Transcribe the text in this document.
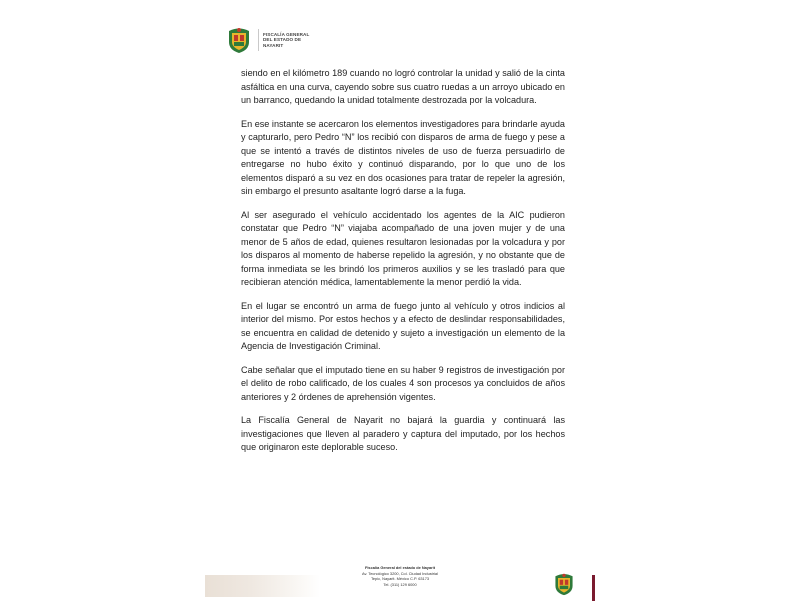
FISCALÍA GENERAL
DEL ESTADO DE
NAYARIT

siendo en el kilómetro 189 cuando no logró controlar la unidad y salió de la cinta asfáltica en una curva, cayendo sobre sus cuatro ruedas a un arroyo ubicado en un barranco, quedando la unidad totalmente destrozada por la volcadura.

En ese instante se acercaron los elementos investigadores para brindarle ayuda y capturarlo, pero Pedro “N” los recibió con disparos de arma de fuego y pese a que se intentó a través de distintos niveles de uso de fuerza persuadirlo de entregarse no hubo éxito y continuó disparando, por lo que uno de los elementos disparó a su vez en dos ocasiones para tratar de repeler la agresión, sin embargo el presunto asaltante logró darse a la fuga.

Al ser asegurado el vehículo accidentado los agentes de la AIC pudieron constatar que Pedro “N” viajaba acompañado de una joven mujer y de una menor de 5 años de edad, quienes resultaron lesionadas por la volcadura y por los disparos al momento de haberse repelido la agresión, y no obstante que de forma inmediata se les brindó los primeros auxilios y se les trasladó para que recibieran atención médica, lamentablemente la menor perdió la vida.

En el lugar se encontró un arma de fuego junto al vehículo y otros indicios al interior del mismo. Por estos hechos y a efecto de deslindar responsabilidades, se encuentra en calidad de detenido y sujeto a investigación un elemento de la Agencia de Investigación Criminal.

Cabe señalar que el imputado tiene en su haber 9 registros de investigación por el delito de robo calificado, de los cuales 4 son procesos ya concluidos de años anteriores y 2 órdenes de aprehensión vigentes.

La Fiscalía General de Nayarit no bajará la guardia y continuará las investigaciones que lleven al paradero y captura del imputado, por los hechos que originaron este deplorable suceso.

Fiscalía General del estado de Nayarit
Av. Tecnológico 3200, Col. Ciudad Industrial
Tepic, Nayarit. México C.P. 63173
Tel. (311) 129 6000
